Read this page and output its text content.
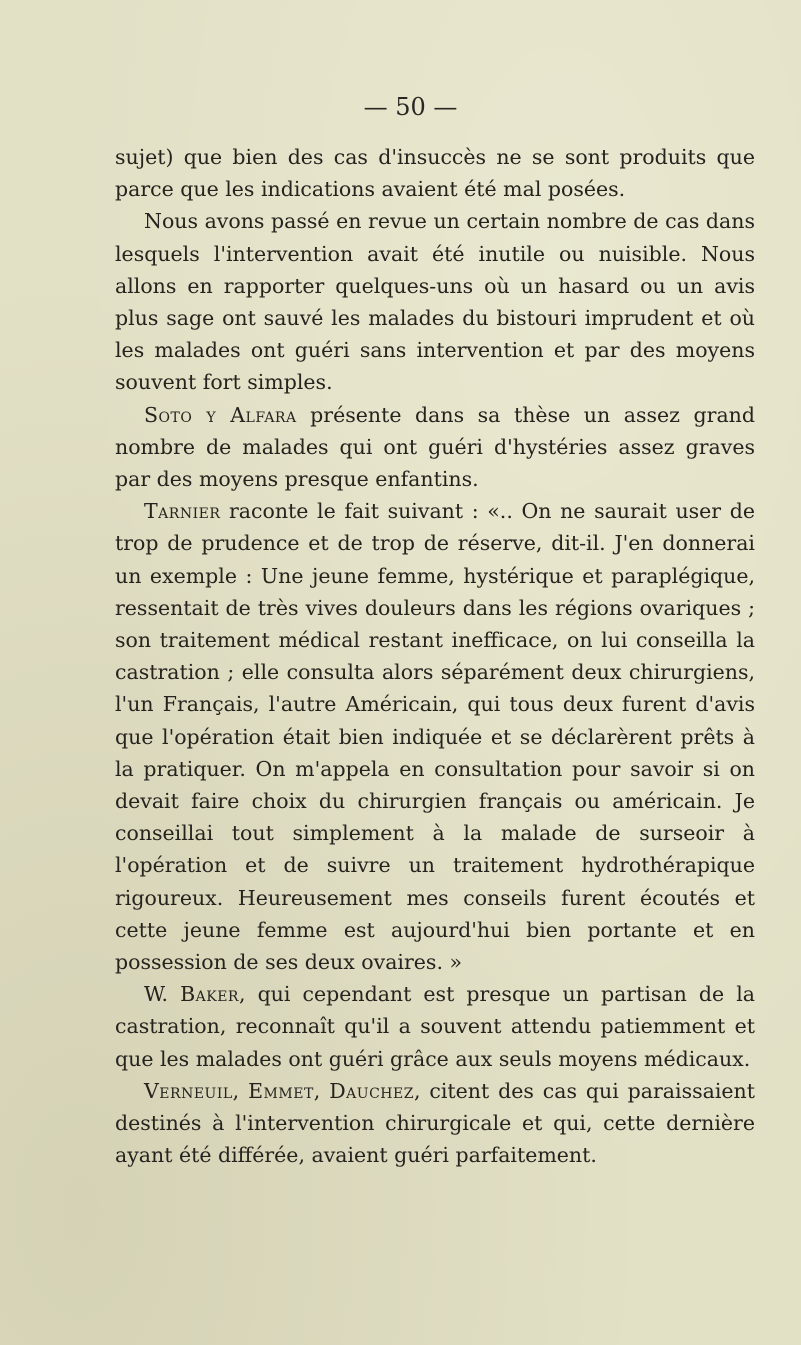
— 50 —

sujet) que bien des cas d'insuccès ne se sont produits que parce que les indications avaient été mal posées.

Nous avons passé en revue un certain nombre de cas dans lesquels l'intervention avait été inutile ou nuisible. Nous allons en rapporter quelques-uns où un hasard ou un avis plus sage ont sauvé les malades du bistouri imprudent et où les malades ont guéri sans intervention et par des moyens souvent fort simples.

Soto y Alfara présente dans sa thèse un assez grand nombre de malades qui ont guéri d'hystéries assez graves par des moyens presque enfantins.

Tarnier raconte le fait suivant : «.. On ne saurait user de trop de prudence et de trop de réserve, dit-il. J'en donnerai un exemple : Une jeune femme, hystérique et paraplégique, ressentait de très vives douleurs dans les régions ovariques ; son traitement médical restant inefficace, on lui conseilla la castration ; elle consulta alors séparément deux chirurgiens, l'un Français, l'autre Américain, qui tous deux furent d'avis que l'opération était bien indiquée et se déclarèrent prêts à la pratiquer. On m'appela en consultation pour savoir si on devait faire choix du chirurgien français ou américain. Je conseillai tout simplement à la malade de surseoir à l'opération et de suivre un traitement hydrothérapique rigoureux. Heureusement mes conseils furent écoutés et cette jeune femme est aujourd'hui bien portante et en possession de ses deux ovaires. »

W. Baker, qui cependant est presque un partisan de la castration, reconnaît qu'il a souvent attendu patiemment et que les malades ont guéri grâce aux seuls moyens médicaux.

Verneuil, Emmet, Dauchez, citent des cas qui paraissaient destinés à l'intervention chirurgicale et qui, cette dernière ayant été différée, avaient guéri parfaitement.
